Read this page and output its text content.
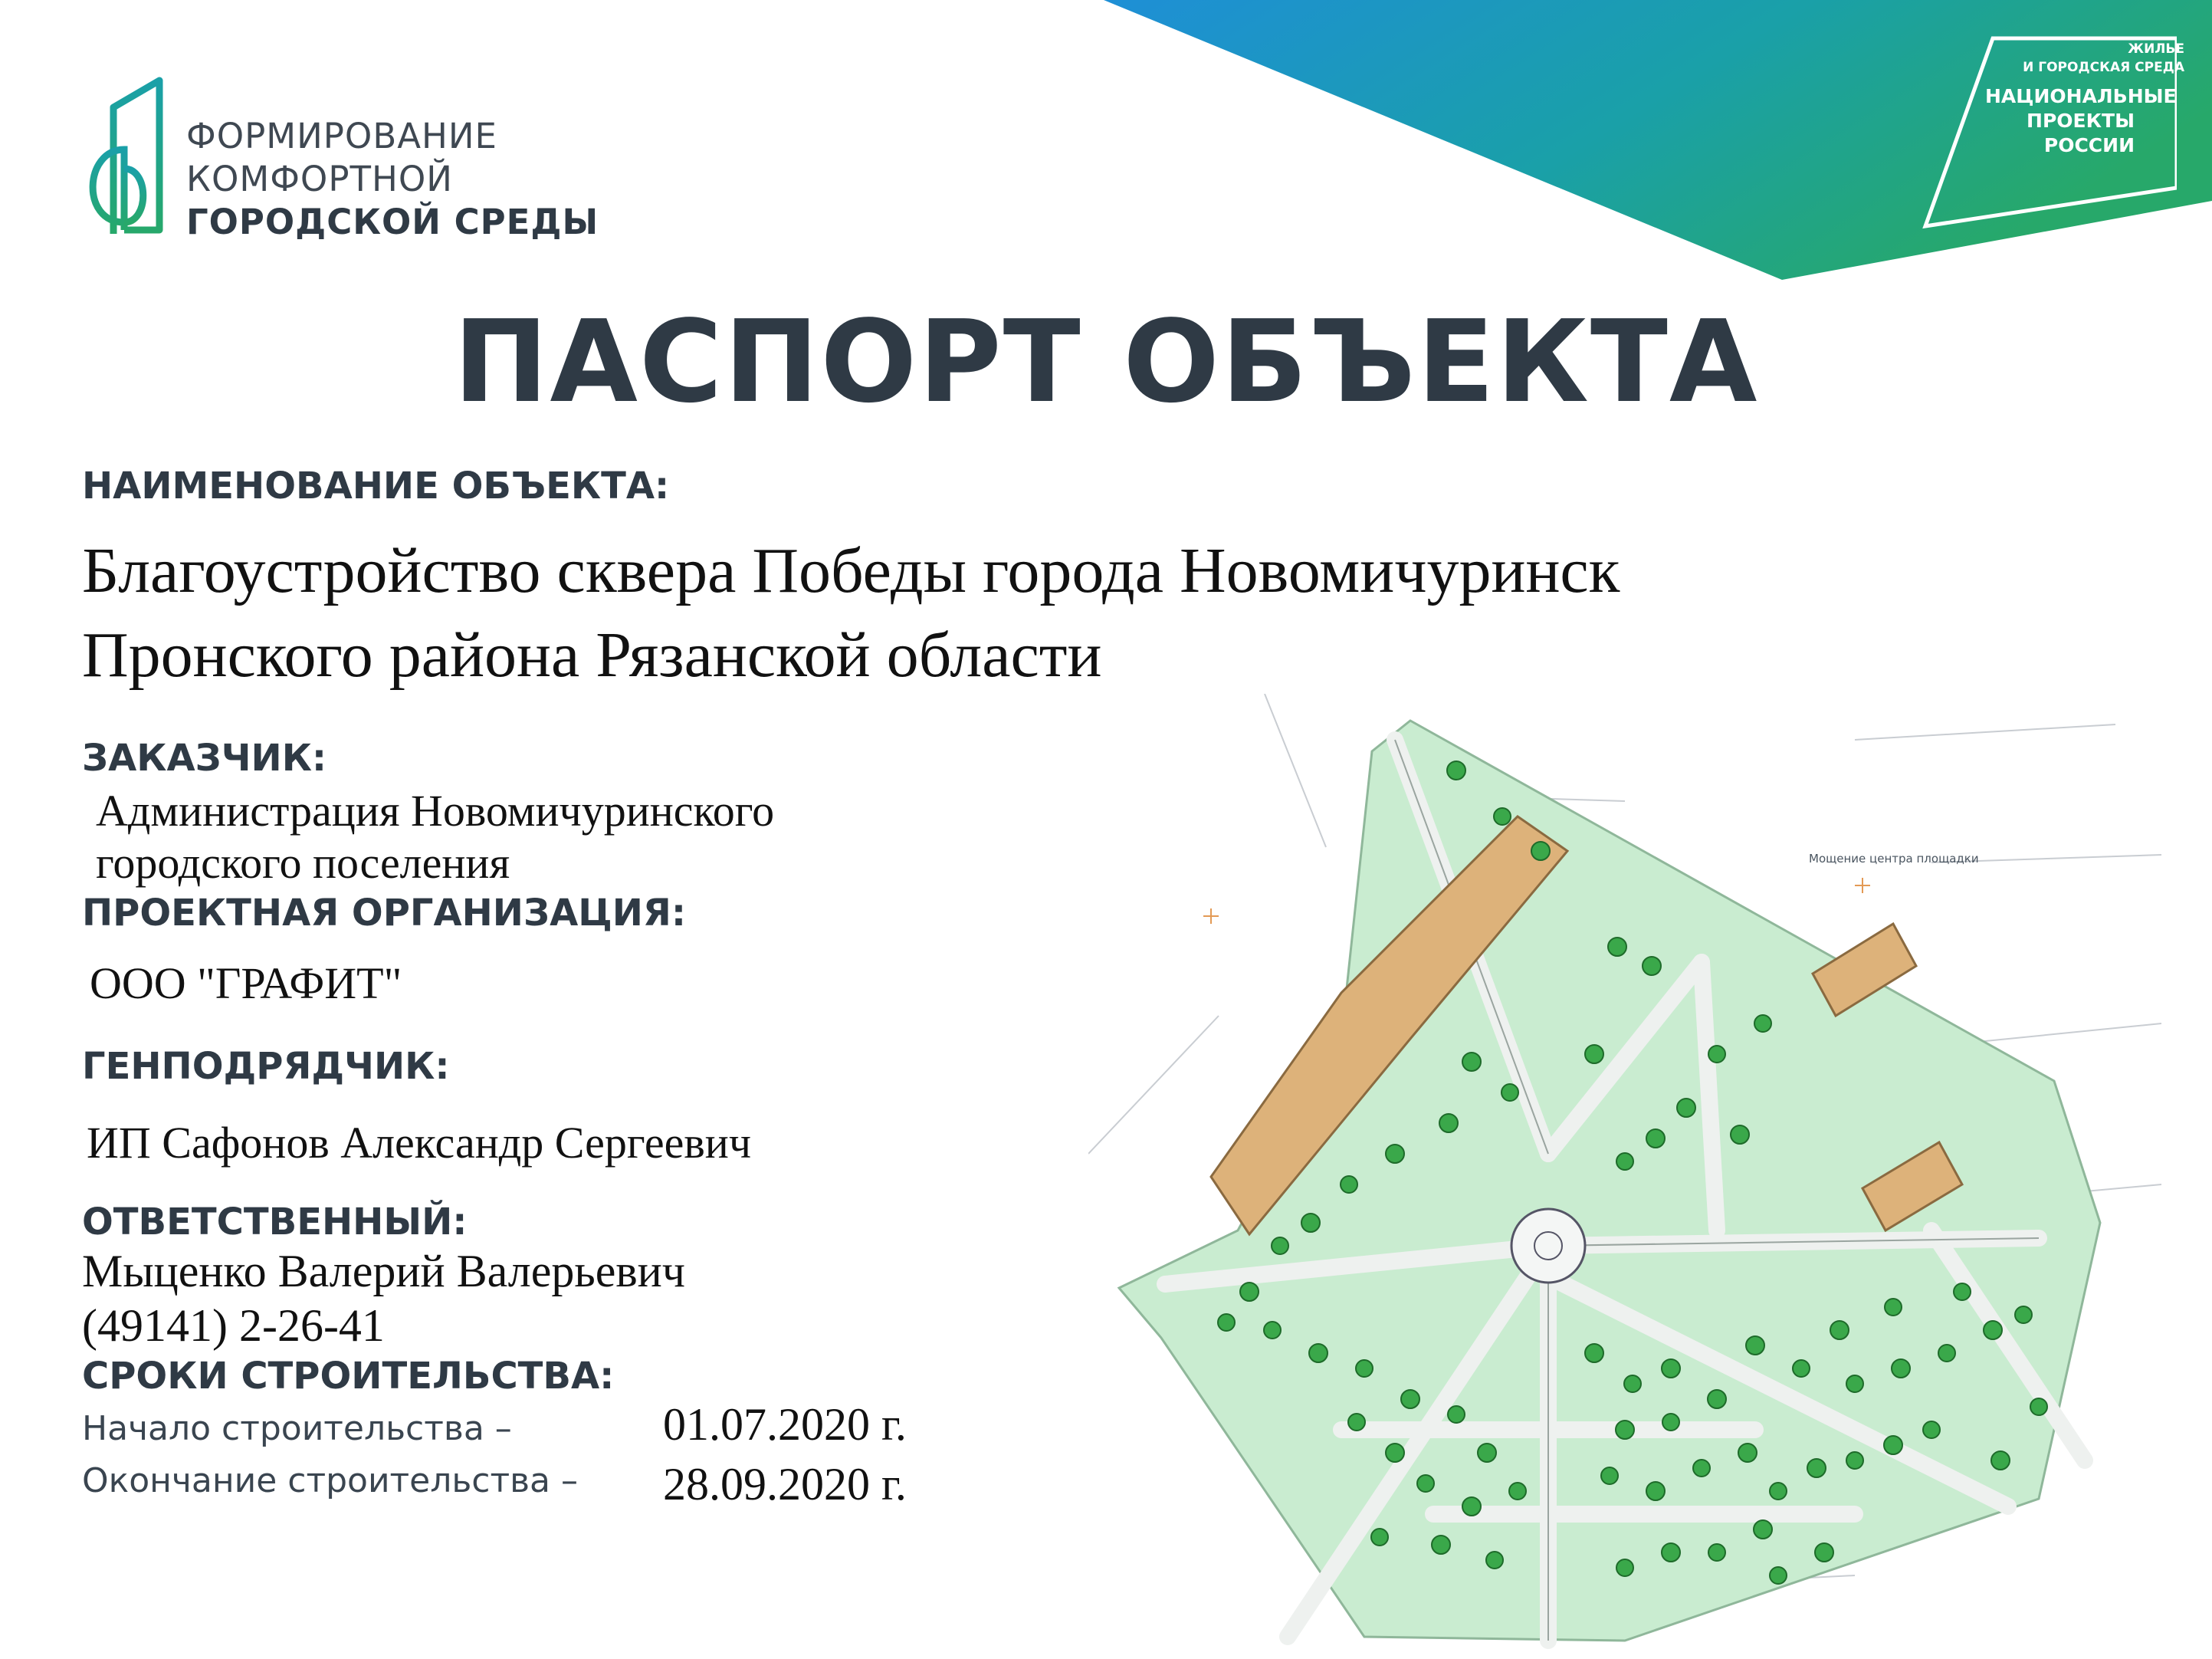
ЖИЛЬЕ
И ГОРОДСКАЯ СРЕДА
НАЦИОНАЛЬНЫЕ
ПРОЕКТЫ
РОССИИ
ФОРМИРОВАНИЕ
КОМФОРТНОЙ
ГОРОДСКОЙ СРЕДЫ
ПАСПОРТ ОБЪЕКТА
НАИМЕНОВАНИЕ ОБЪЕКТА:
Благоустройство сквера Победы города Новомичуринск
Пронского района Рязанской области
ЗАКАЗЧИК:
Администрация Новомичуринского
городского поселения
ПРОЕКТНАЯ ОРГАНИЗАЦИЯ:
ООО "ГРАФИТ"
ГЕНПОДРЯДЧИК:
ИП Сафонов Александр Сергеевич
ОТВЕТСТВЕННЫЙ:
Мыценко Валерий Валерьевич
(49141) 2-26-41
СРОКИ СТРОИТЕЛЬСТВА:
Начало строительства –	01.07.2020 г.
Окончание строительства – 28.09.2020 г.
Мощение центра площадки
